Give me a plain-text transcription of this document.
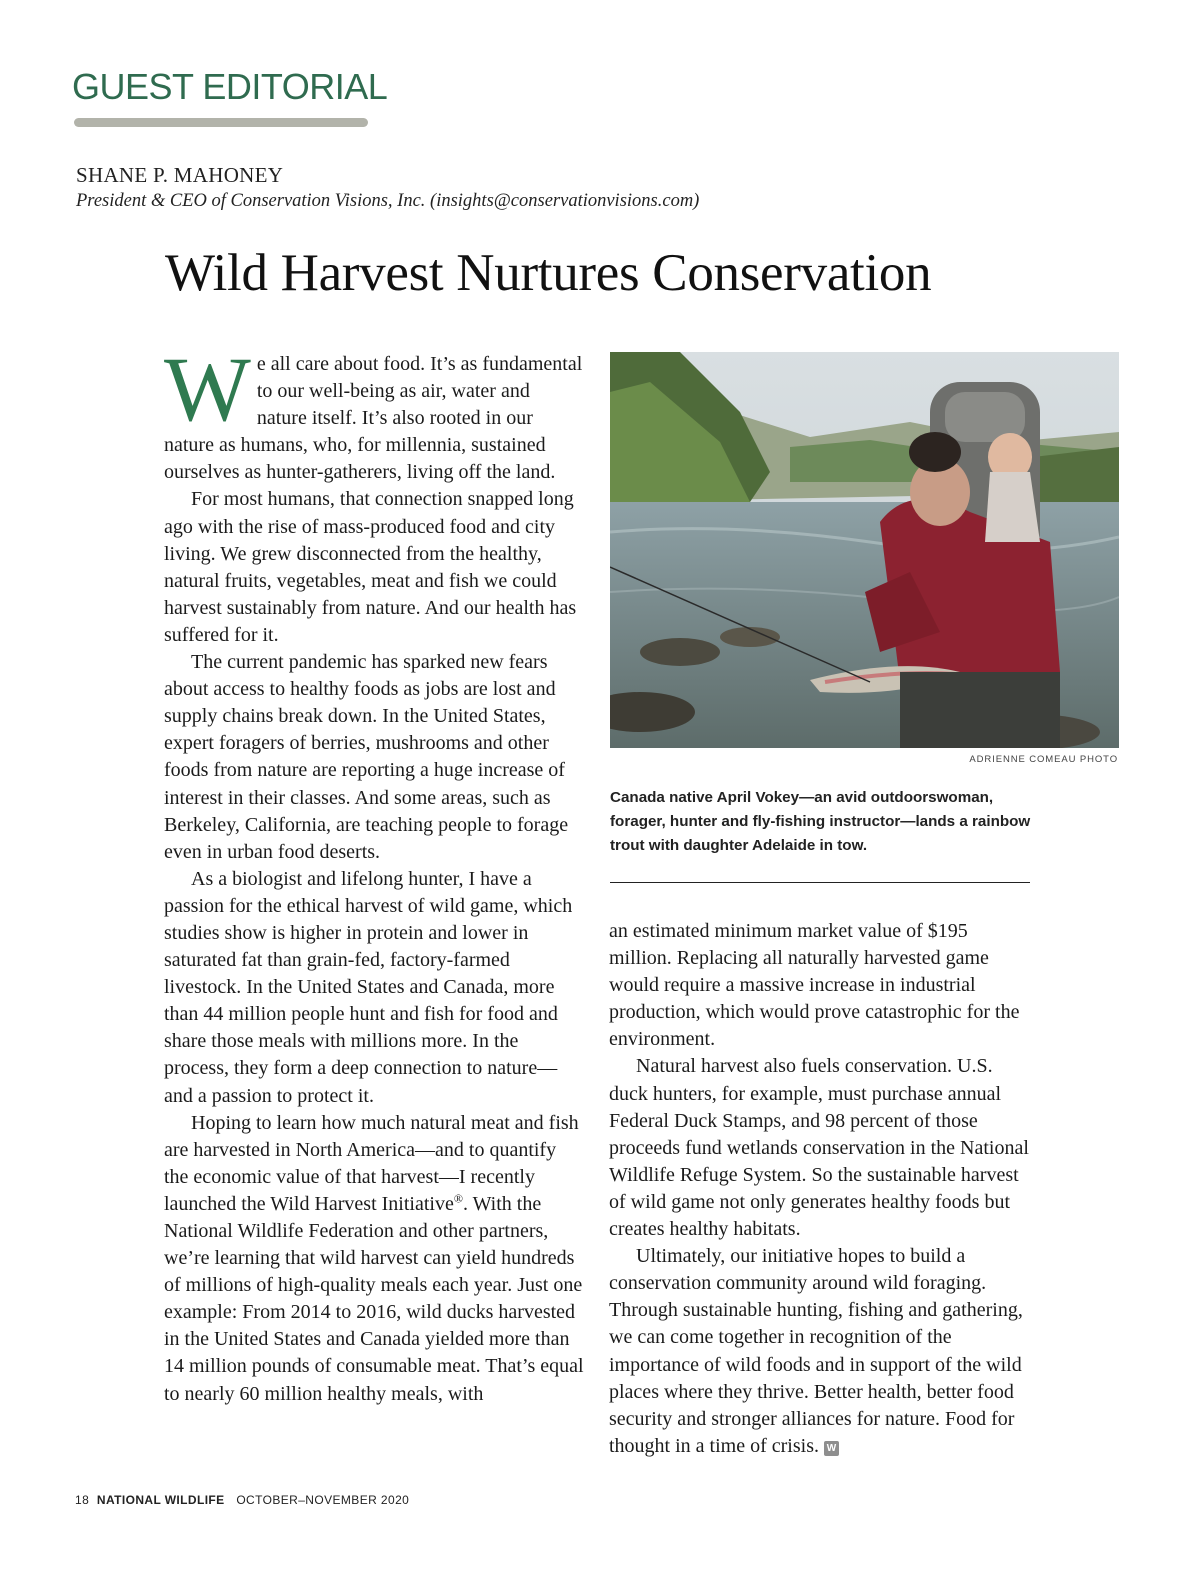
GUEST EDITORIAL
SHANE P. MAHONEY
President & CEO of Conservation Visions, Inc. (insights@conservationvisions.com)
Wild Harvest Nurtures Conservation

We all care about food. It’s as fundamental to our well-being as air, water and nature itself. It’s also rooted in our nature as humans, who, for millennia, sustained ourselves as hunter-gatherers, living off the land.

For most humans, that connection snapped long ago with the rise of mass-produced food and city living. We grew disconnected from the healthy, natural fruits, vegetables, meat and fish we could harvest sustainably from nature. And our health has suffered for it.

The current pandemic has sparked new fears about access to healthy foods as jobs are lost and supply chains break down. In the United States, expert foragers of berries, mushrooms and other foods from nature are reporting a huge increase of interest in their classes. And some areas, such as Berkeley, California, are teaching people to forage even in urban food deserts.

As a biologist and lifelong hunter, I have a passion for the ethical harvest of wild game, which studies show is higher in protein and lower in saturated fat than grain-fed, factory-farmed livestock. In the United States and Canada, more than 44 million people hunt and fish for food and share those meals with millions more. In the process, they form a deep connection to nature—and a passion to protect it.

Hoping to learn how much natural meat and fish are harvested in North America—and to quantify the economic value of that harvest—I recently launched the Wild Harvest Initiative®. With the National Wildlife Federation and other partners, we’re learning that wild harvest can yield hundreds of millions of high-quality meals each year. Just one example: From 2014 to 2016, wild ducks harvested in the United States and Canada yielded more than 14 million pounds of consumable meat. That’s equal to nearly 60 million healthy meals, with

ADRIENNE COMEAU PHOTO
Canada native April Vokey—an avid outdoorswoman, forager, hunter and fly-fishing instructor—lands a rainbow trout with daughter Adelaide in tow.

an estimated minimum market value of $195 million. Replacing all naturally harvested game would require a massive increase in industrial production, which would prove catastrophic for the environment.

Natural harvest also fuels conservation. U.S. duck hunters, for example, must purchase annual Federal Duck Stamps, and 98 percent of those proceeds fund wetlands conservation in the National Wildlife Refuge System. So the sustainable harvest of wild game not only generates healthy foods but creates healthy habitats.

Ultimately, our initiative hopes to build a conservation community around wild foraging. Through sustainable hunting, fishing and gathering, we can come together in recognition of the importance of wild foods and in support of the wild places where they thrive. Better health, better food security and stronger alliances for nature. Food for thought in a time of crisis. W

18 NATIONAL WILDLIFE OCTOBER–NOVEMBER 2020
